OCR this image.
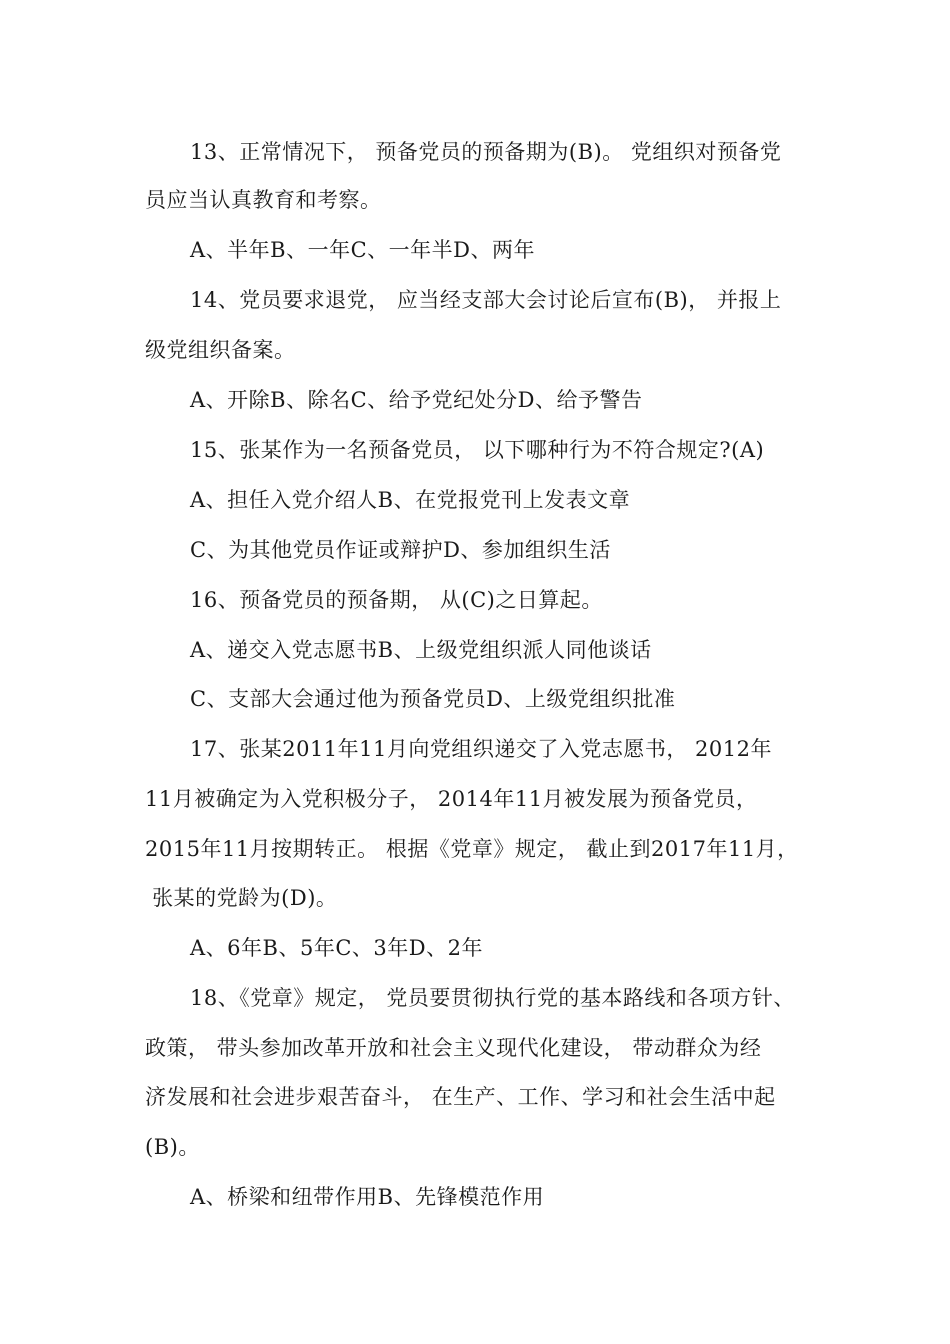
13、正常情况下， 预备党员的预备期为(B)。 党组织对预备党
员应当认真教育和考察。
A、半年B、一年C、一年半D、两年
14、党员要求退党， 应当经支部大会讨论后宣布(B)， 并报上
级党组织备案。
A、开除B、除名C、给予党纪处分D、给予警告
15、张某作为一名预备党员， 以下哪种行为不符合规定?(A)
A、担任入党介绍人B、在党报党刊上发表文章
C、为其他党员作证或辩护D、参加组织生活
16、预备党员的预备期， 从(C)之日算起。
A、递交入党志愿书B、上级党组织派人同他谈话
C、支部大会通过他为预备党员D、上级党组织批准
17、张某2011年11月向党组织递交了入党志愿书， 2012年
11月被确定为入党积极分子， 2014年11月被发展为预备党员，
2015年11月按期转正。 根据《党章》规定， 截止到2017年11月，
张某的党龄为(D)。
A、6年B、5年C、3年D、2年
18、《党章》规定， 党员要贯彻执行党的基本路线和各项方针、
政策， 带头参加改革开放和社会主义现代化建设， 带动群众为经
济发展和社会进步艰苦奋斗， 在生产、工作、学习和社会生活中起
(B)。
A、桥梁和纽带作用B、先锋模范作用
